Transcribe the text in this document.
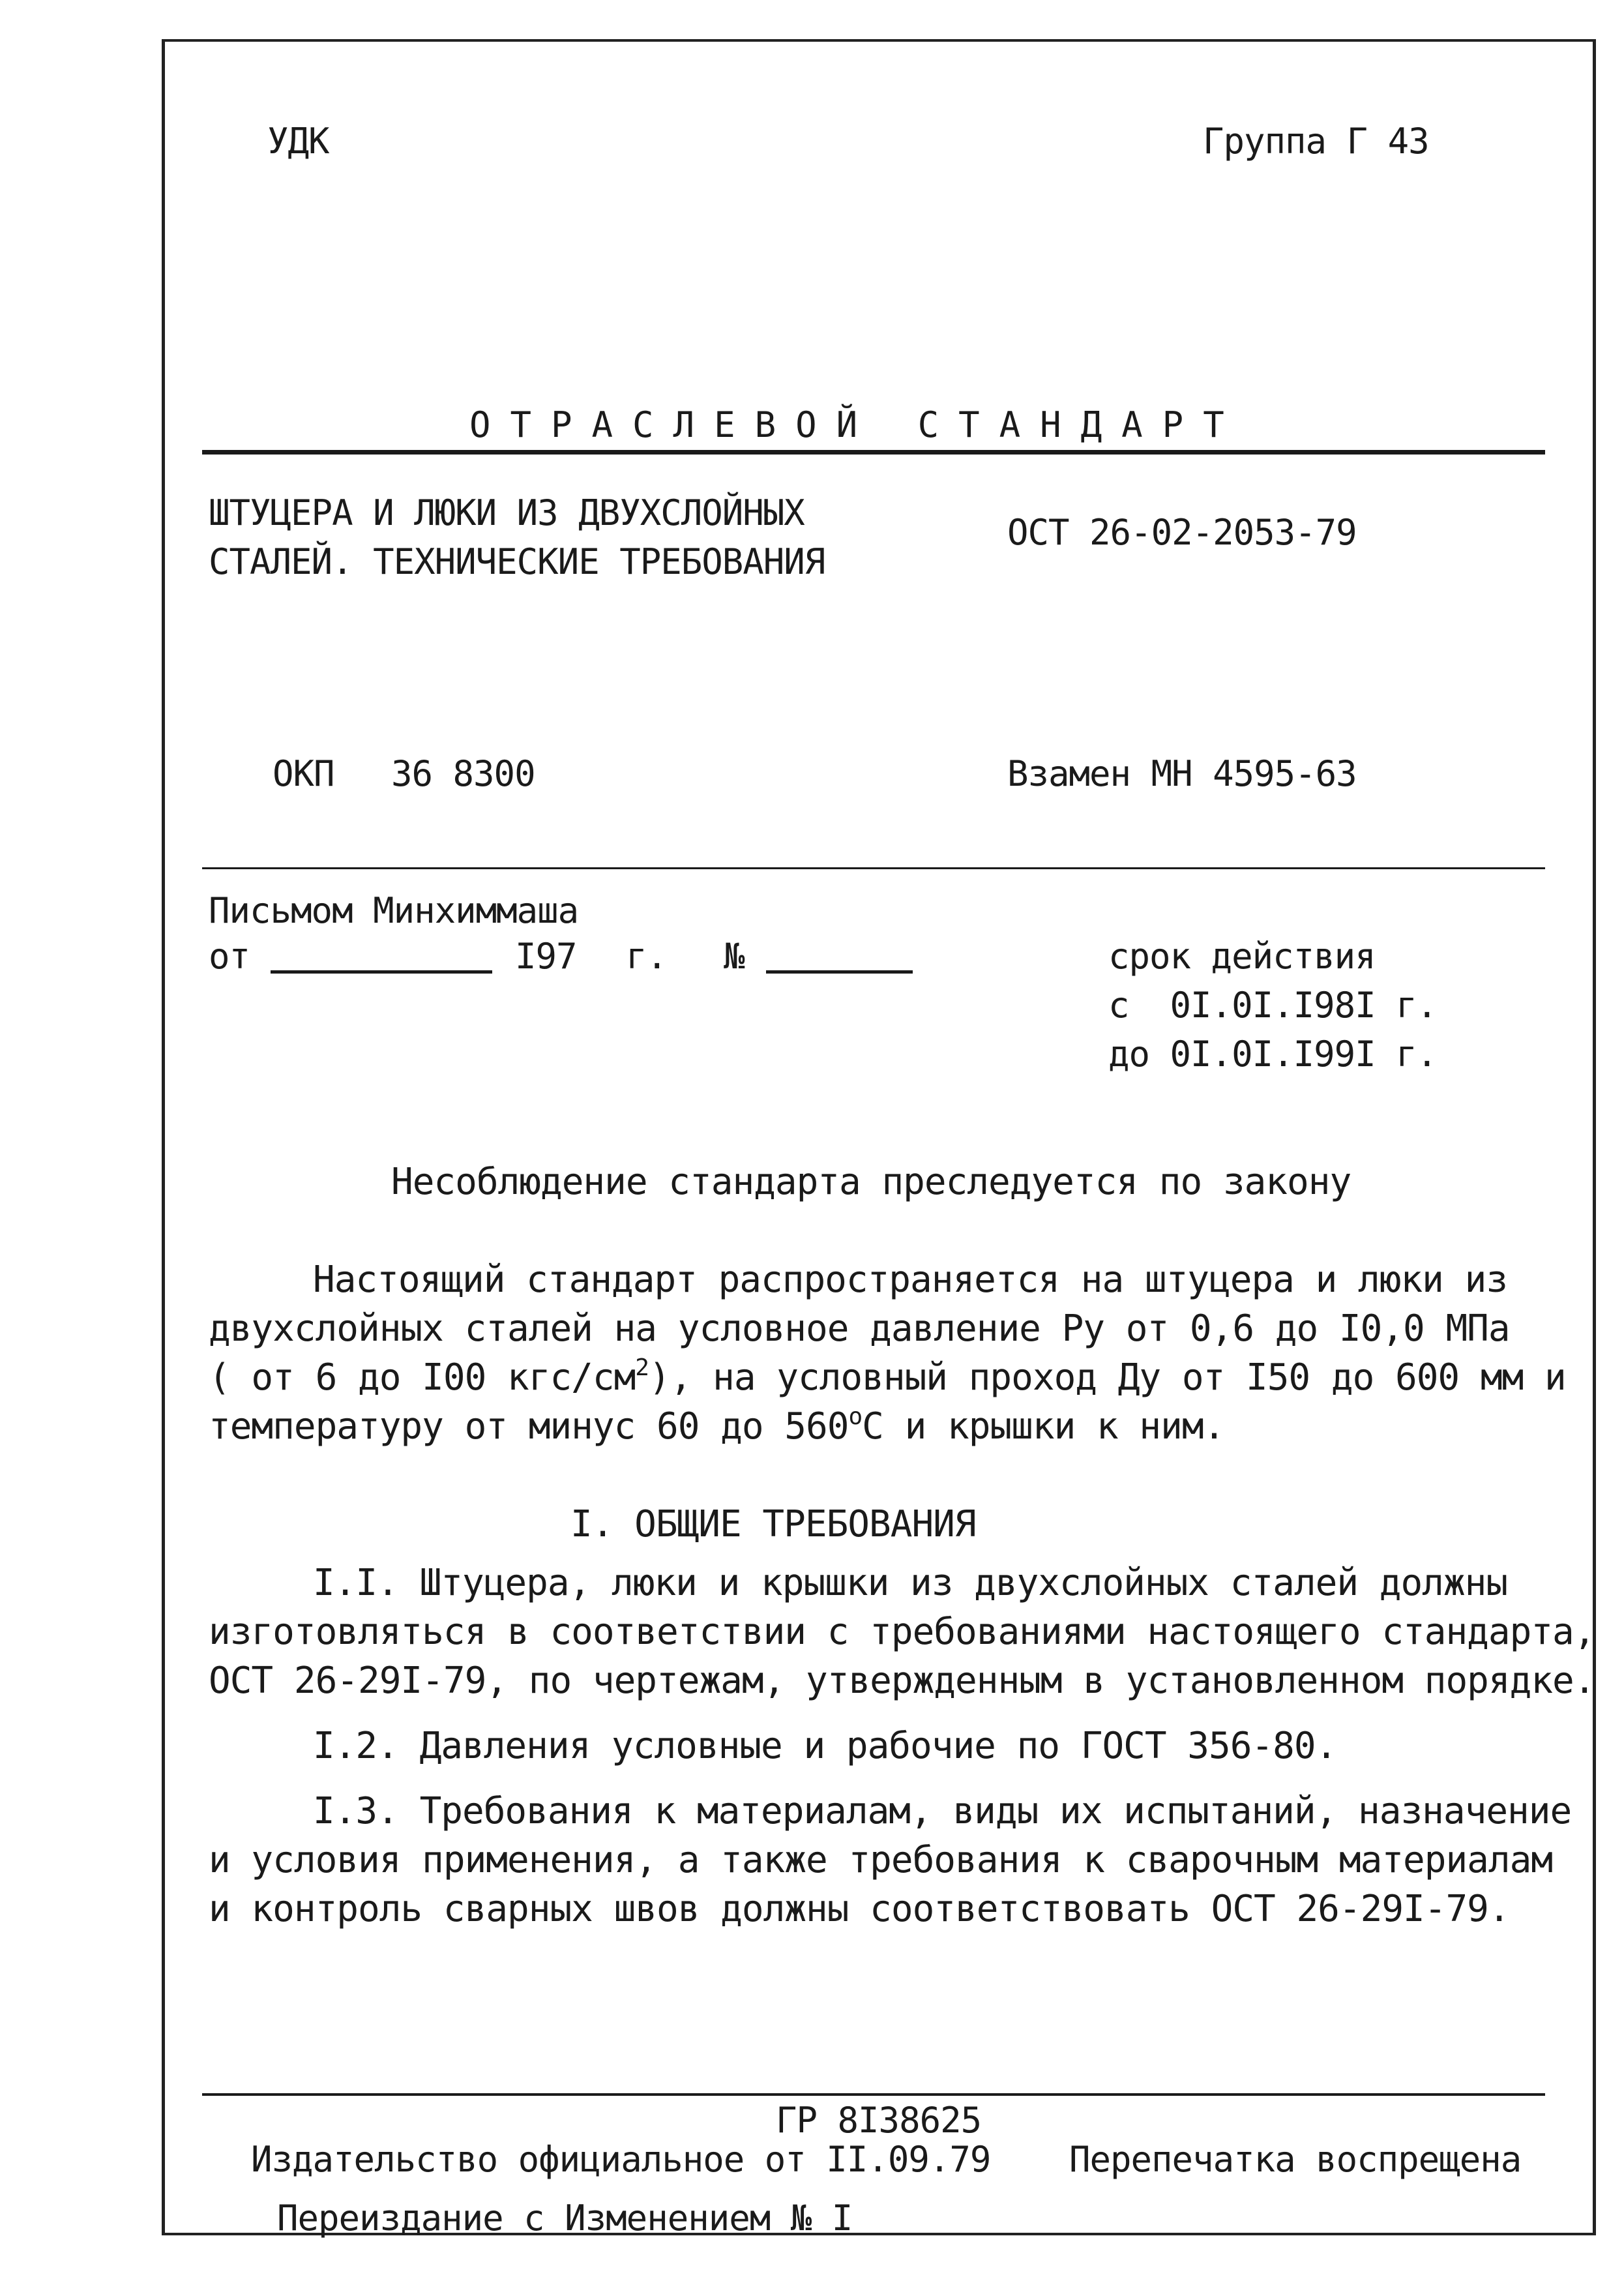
УДК	Группа Г 43
ОТРАСЛЕВОЙ СТАНДАРТ
ШТУЦЕРА И ЛЮКИ ИЗ ДВУХСЛОЙНЫХ
СТАЛЕЙ. ТЕХНИЧЕСКИЕ ТРЕБОВАНИЯ
ОСТ 26-02-2053-79
ОКП 36 8300	Взамен МН 4595-63
Письмом Минхиммаша
от	I97 г. №	срок действия
с  0I.0I.I98I г.
до 0I.0I.I99I г.
Несоблюдение стандарта преследуется по закону
Настоящий стандарт распространяется на штуцера и люки из
двухслойных сталей на условное давление Ру от 0,6 до I0,0 МПа
( от 6 до I00 кгс/$см^2$), на условный проход Ду от I50 до 600 мм и
температуру от минус 60 до $560^оС$ и крышки к ним.
I. ОБЩИЕ ТРЕБОВАНИЯ
I.I. Штуцера, люки и крышки из двухслойных сталей должны
изготовляться в соответствии с требованиями настоящего стандарта,
ОСТ 26-29I-79, по чертежам, утвержденным в установленном порядке.
I.2. Давления условные и рабочие по ГОСТ 356-80.
I.3. Требования к материалам, виды их испытаний, назначение
и условия применения, а также требования к сварочным материалам
и контроль сварных швов должны соответствовать ОСТ 26-29I-79.
ГР 8I38625
Издательство официальное от II.09.79 Перепечатка воспрещена
Переиздание с Изменением № I
